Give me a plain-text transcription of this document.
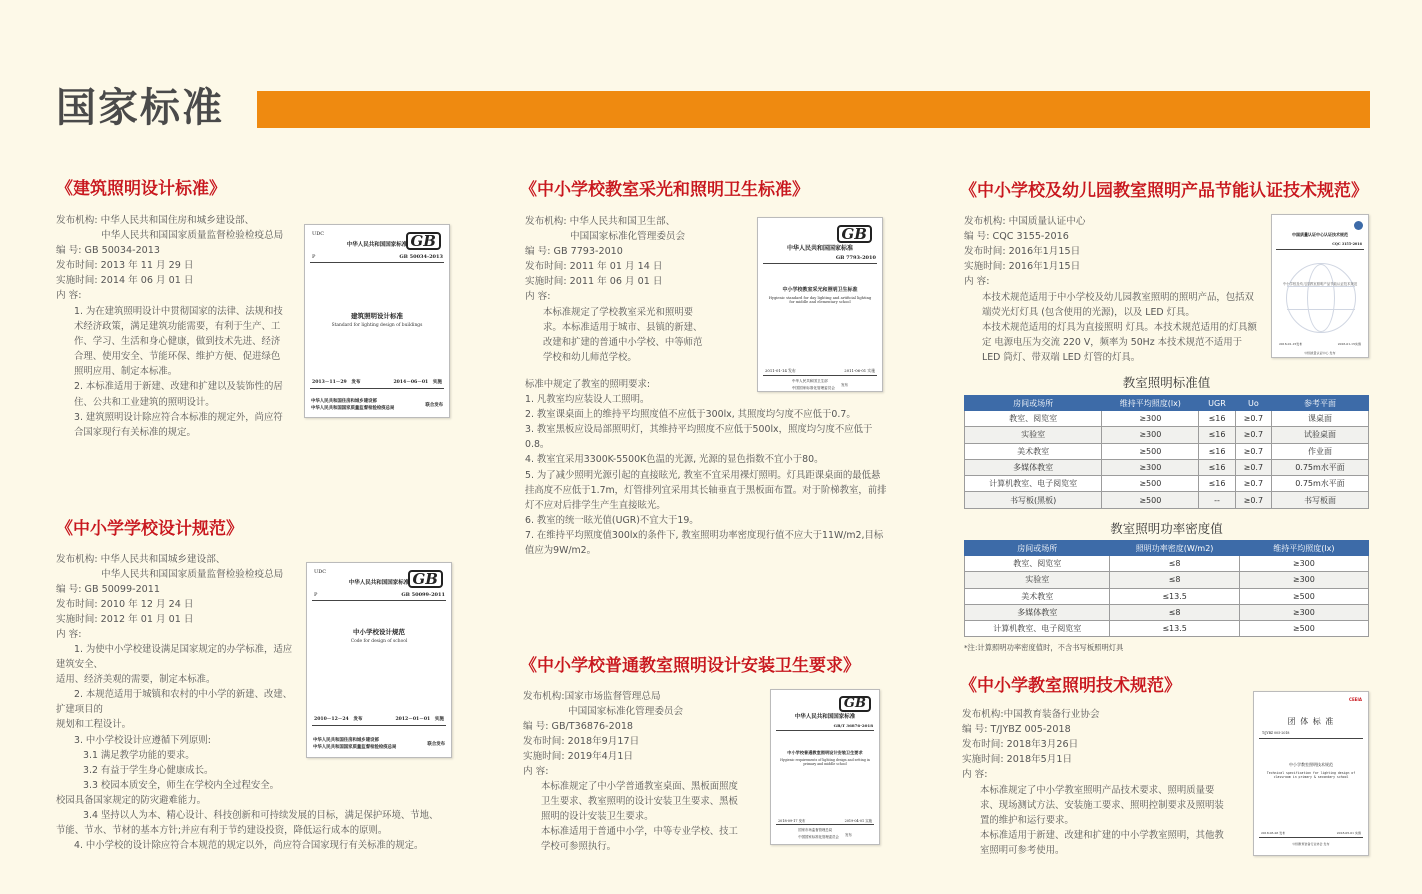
国家标准
《建筑照明设计标准》

发布机构: 中华人民共和国住房和城乡建设部、

中华人民共和国国家质量监督检验检疫总局

编 号: GB 50034-2013

发布时间: 2013 年 11 月 29 日

实施时间: 2014 年 06 月 01 日

内 容:

1. 为在建筑照明设计中贯彻国家的法律、法规和技术经济政策，满足建筑功能需要，有利于生产、工作、学习、生活和身心健康，做到技术先进、经济合理、使用安全、节能环保、维护方便、促进绿色照明应用、制定本标准。

2. 本标准适用于新建、改建和扩建以及装饰性的居住、公共和工业建筑的照明设计。

3. 建筑照明设计除应符合本标准的规定外，尚应符合国家现行有关标准的规定。

UDC
中华人民共和国国家标准 GB
P	GB 50034-2013
建筑照明设计标准
Standard for lighting design of buildings
2013－11－29　发布	2014－06－01　实施
中华人民共和国住房和城乡建设部
中华人民共和国国家质量监督检验检疫总局
联合发布
《中小学学校设计规范》

发布机构: 中华人民共和国城乡建设部、

中华人民共和国国家质量监督检验检疫总局

编 号: GB 50099-2011

发布时间: 2010 年 12 月 24 日

实施时间: 2012 年 01 月 01 日

内 容:

1. 为使中小学校建设满足国家规定的办学标准，适应

建筑安全、

适用、经济美观的需要，制定本标准。

2. 本规范适用于城镇和农村的中小学的新建、改建、

扩建项目的

规划和工程设计。

3. 中小学校设计应遵循下列原则:

3.1 满足教学功能的要求。

3.2 有益于学生身心健康成长。

3.3 校园本质安全，师生在学校内全过程安全。

校园具备国家规定的防灾避难能力。

3.4 坚持以人为本、精心设计、科技创新和可持续发展的目标，满足保护环境、节地、

节能、节水、节材的基本方针;并应有利于节约建设投资，降低运行成本的原则。

4. 中小学校的设计除应符合本规范的规定以外，尚应符合国家现行有关标准的规定。

UDC
中华人民共和国国家标准 GB
P	GB 50099-2011
中小学校设计规范
Code for design of school
2010－12－24　发布	2012－01－01　实施
中华人民共和国住房和城乡建设部
中华人民共和国国家质量监督检验检疫总局
联合发布
《中小学校教室采光和照明卫生标准》

发布机构: 中华人民共和国卫生部、

中国国家标准化管理委员会

编 号: GB 7793-2010

发布时间: 2011 年 01 月 14 日

实施时间: 2011 年 06 月 01 日

内 容:

本标准规定了学校教室采光和照明要求。本标准适用于城市、县镇的新建、改建和扩建的普通中小学校、中等师范学校和幼儿师范学校。

标准中规定了教室的照明要求:

1. 凡教室均应装设人工照明。

2. 教室课桌面上的维持平均照度值不应低于300lx, 其照度均匀度不应低于0.7。

3. 教室黑板应设局部照明灯，其维持平均照度不应低于500lx，照度均匀度不应低于0.8。

4. 教室宜采用3300K-5500K色温的光源, 光源的显色指数不宜小于80。

5. 为了减少照明光源引起的直接眩光, 教室不宜采用裸灯照明。灯具距课桌面的最低悬挂高度不应低于1.7m，灯管排列宜采用其长轴垂直于黑板面布置。对于阶梯教室，前排灯不应对后排学生产生直接眩光。

6. 教室的统一眩光值(UGR)不宜大于19。

7. 在维持平均照度值300lx的条件下, 教室照明功率密度现行值不应大于11W/m2,目标值应为9W/m2。

GB
中华人民共和国国家标准
GB 7793-2010
中小学校教室采光和照明卫生标准
Hygienic standard for day lighting and artificial lighting for middle and elementary school
2011-01-14 发布	2011-06-01 实施
中华人民共和国卫生部
中国国家标准化管理委员会
发布
《中小学校普通教室照明设计安装卫生要求》

发布机构:国家市场监督管理总局

中国国家标准化管理委员会

编 号: GB/T36876-2018

发布时间: 2018年9月17日

实施时间: 2019年4月1日

内 容:

本标准规定了中小学普通教室桌面、黑板面照度卫生要求、教室照明的设计安装卫生要求、黑板照明的设计安装卫生要求。

本标准适用于普通中小学，中等专业学校、技工学校可参照执行。

GB
中华人民共和国国家标准
GB/T 36876-2018
中小学校普通教室照明设计安装卫生要求
Hygienic requirements of lighting design and setting in primary and middle school
2018-09-17 发布	2019-04-01 实施
国家市场监督管理总局
中国国家标准化管理委员会
发布
《中小学校及幼儿园教室照明产品节能认证技术规范》

发布机构: 中国质量认证中心

编 号: CQC 3155-2016

发布时间: 2016年1月15日

实施时间: 2016年1月15日

内 容:

本技术规范适用于中小学校及幼儿园教室照明的照明产品，包括双端荧光灯灯具 (包含使用的光源)，以及 LED 灯具。

本技术规范适用的灯具为直接照明 灯具。本技术规范适用的灯具额定 电源电压为交流 220 V，频率为 50Hz 本技术规范不适用于 LED 筒灯、带双端 LED 灯管的灯具。

中国质量认证中心认证技术规范
CQC 3155-2016
中小学校及幼儿园教室照明产品节能认证技术规范
2016-01-15发布	2016-01-15实施
中国质量认证中心 发布
教室照明标准值
房间或场所	维持平均照度(lx)	UGR	Uo	参考平面
教室、阅览室	≥300	≤16	≥0.7	课桌面
实验室	≥300	≤16	≥0.7	试验桌面
美术教室	≥500	≤16	≥0.7	作业面
多媒体教室	≥300	≤16	≥0.7	0.75m水平面
计算机教室、电子阅览室	≥500	≤16	≥0.7	0.75m水平面
书写板(黑板)	≥500	--	≥0.7	书写板面
教室照明功率密度值
房间或场所	照明功率密度(W/m2)	维持平均照度(lx)
教室、阅览室	≤8	≥300
实验室	≤8	≥300
美术教室	≤13.5	≥500
多媒体教室	≤8	≥300
计算机教室、电子阅览室	≤13.5	≥500
*注:计算照明功率密度值时，不含书写板照明灯具
《中小学教室照明技术规范》

发布机构:中国教育装备行业协会

编 号: T/JYBZ 005-2018

发布时间: 2018年3月26日

实施时间: 2018年5月1日

内 容:

本标准规定了中小学教室照明产品技术要求、照明质量要求、现场测试方法、安装施工要求、照明控制要求及照明装置的维护和运行要求。

本标准适用于新建、改建和扩建的中小学教室照明，其他教室照明可参考使用。

CEEIA
团 体 标 准
T/JYBZ 005-2018
中小学教室照明技术规范
Technical specification for lighting design of classroom in primary & secondary school
2018-03-26 发布	2018-05-01 实施
中国教育装备行业协会 发布
